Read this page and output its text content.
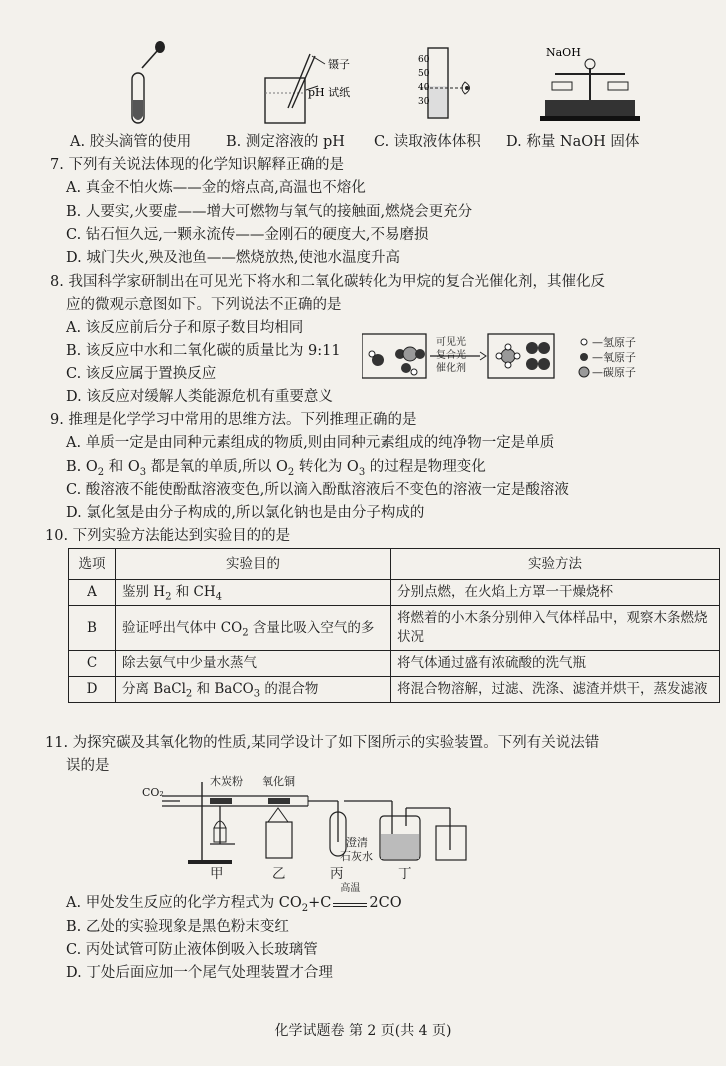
镊子
pH 试纸
60
50
40
30
NaOH
A. 胶头滴管的使用 B. 测定溶液的 pH C. 读取液体体积 D. 称量 NaOH 固体
7. 下列有关说法体现的化学知识解释正确的是
A. 真金不怕火炼——金的熔点高,高温也不熔化
B. 人要实,火要虚——增大可燃物与氧气的接触面,燃烧会更充分
C. 钻石恒久远,一颗永流传——金刚石的硬度大,不易磨损
D. 城门失火,殃及池鱼——燃烧放热,使池水温度升高
8. 我国科学家研制出在可见光下将水和二氧化碳转化为甲烷的复合光催化剂，其催化反
应的微观示意图如下。下列说法不正确的是
A. 该反应前后分子和原子数目均相同
B. 该反应中水和二氧化碳的质量比为 9:11
C. 该反应属于置换反应
D. 该反应对缓解人类能源危机有重要意义
可见光
复合光
催化剂
—氢原子
—氧原子
—碳原子
9. 推理是化学学习中常用的思维方法。下列推理正确的是
A. 单质一定是由同种元素组成的物质,则由同种元素组成的纯净物一定是单质
B. $O_2$ 和 $O_3$ 都是氧的单质,所以 $O_2$ 转化为 $O_3$ 的过程是物理变化
C. 酸溶液不能使酚酞溶液变色,所以滴入酚酞溶液后不变色的溶液一定是酸溶液
D. 氯化氢是由分子构成的,所以氯化钠也是由分子构成的
10. 下列实验方法能达到实验目的的是
选项	实验目的	实验方法
A	鉴别 $H_2$ 和 $CH_4$	分别点燃，在火焰上方罩一干燥烧杯
B	验证呼出气体中 $CO_2$ 含量比吸入空气的多	将燃着的小木条分别伸入气体样品中，观察木条燃烧状况
C	除去氨气中少量水蒸气	将气体通过盛有浓硫酸的洗气瓶
D	分离 BaCl$_2$ 和 BaCO$_3$ 的混合物	将混合物溶解，过滤、洗涤、滤渣并烘干，蒸发滤液
11. 为探究碳及其氧化物的性质,某同学设计了如下图所示的实验装置。下列有关说法错
误的是
CO₂
木炭粉 氧化铜
澄清
石灰水
甲	乙	丙	丁
A. 甲处发生反应的化学方程式为 $CO_2+C$
高温
2CO
B. 乙处的实验现象是黑色粉末变红
C. 丙处试管可防止液体倒吸入长玻璃管
D. 丁处后面应加一个尾气处理装置才合理
化学试题卷 第 2 页(共 4 页)
